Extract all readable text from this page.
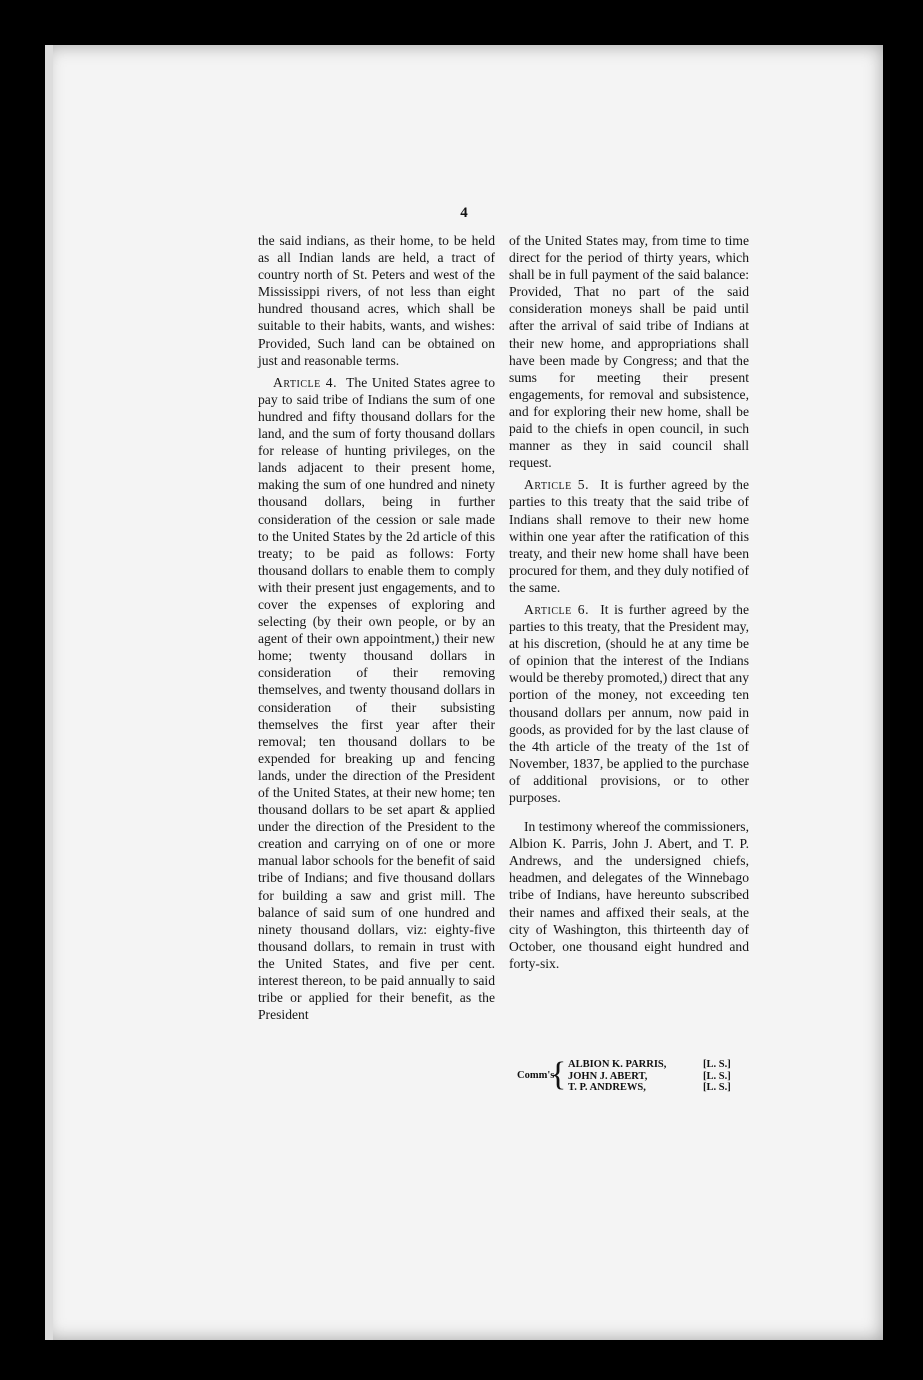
4

the said indians, as their home, to be held as all Indian lands are held, a tract of country north of St. Peters and west of the Mississippi rivers, of not less than eight hundred thousand acres, which shall be suitable to their habits, wants, and wishes: Provided, Such land can be obtained on just and reasonable terms.

Article 4. The United States agree to pay to said tribe of Indians the sum of one hundred and fifty thousand dollars for the land, and the sum of forty thousand dollars for release of hunting privileges, on the lands adjacent to their present home, making the sum of one hundred and ninety thousand dollars, being in further consideration of the cession or sale made to the United States by the 2d article of this treaty; to be paid as follows: Forty thousand dollars to enable them to comply with their present just engagements, and to cover the expenses of exploring and selecting (by their own people, or by an agent of their own appointment,) their new home; twenty thousand dollars in consideration of their removing themselves, and twenty thousand dollars in consideration of their subsisting themselves the first year after their removal; ten thousand dollars to be expended for breaking up and fencing lands, under the direction of the President of the United States, at their new home; ten thousand dollars to be set apart & applied under the direction of the President to the creation and carrying on of one or more manual labor schools for the benefit of said tribe of Indians; and five thousand dollars for building a saw and grist mill. The balance of said sum of one hundred and ninety thousand dollars, viz: eighty-five thousand dollars, to remain in trust with the United States, and five per cent. interest thereon, to be paid annually to said tribe or applied for their benefit, as the President

of the United States may, from time to time direct for the period of thirty years, which shall be in full payment of the said balance: Provided, That no part of the said consideration moneys shall be paid until after the arrival of said tribe of Indians at their new home, and appropriations shall have been made by Congress; and that the sums for meeting their present engagements, for removal and subsistence, and for exploring their new home, shall be paid to the chiefs in open council, in such manner as they in said council shall request.

Article 5. It is further agreed by the parties to this treaty that the said tribe of Indians shall remove to their new home within one year after the ratification of this treaty, and their new home shall have been procured for them, and they duly notified of the same.

Article 6. It is further agreed by the parties to this treaty, that the President may, at his discretion, (should he at any time be of opinion that the interest of the Indians would be thereby promoted,) direct that any portion of the money, not exceeding ten thousand dollars per annum, now paid in goods, as provided for by the last clause of the 4th article of the treaty of the 1st of November, 1837, be applied to the purchase of additional provisions, or to other purposes.

In testimony whereof the commissioners, Albion K. Parris, John J. Abert, and T. P. Andrews, and the undersigned chiefs, headmen, and delegates of the Winnebago tribe of Indians, have hereunto subscribed their names and affixed their seals, at the city of Washington, this thirteenth day of October, one thousand eight hundred and forty-six.

Comm's
{ ALBION K. PARRIS,
JOHN J. ABERT,
T. P. ANDREWS,
[L. S.]
[L. S.]
[L. S.]
